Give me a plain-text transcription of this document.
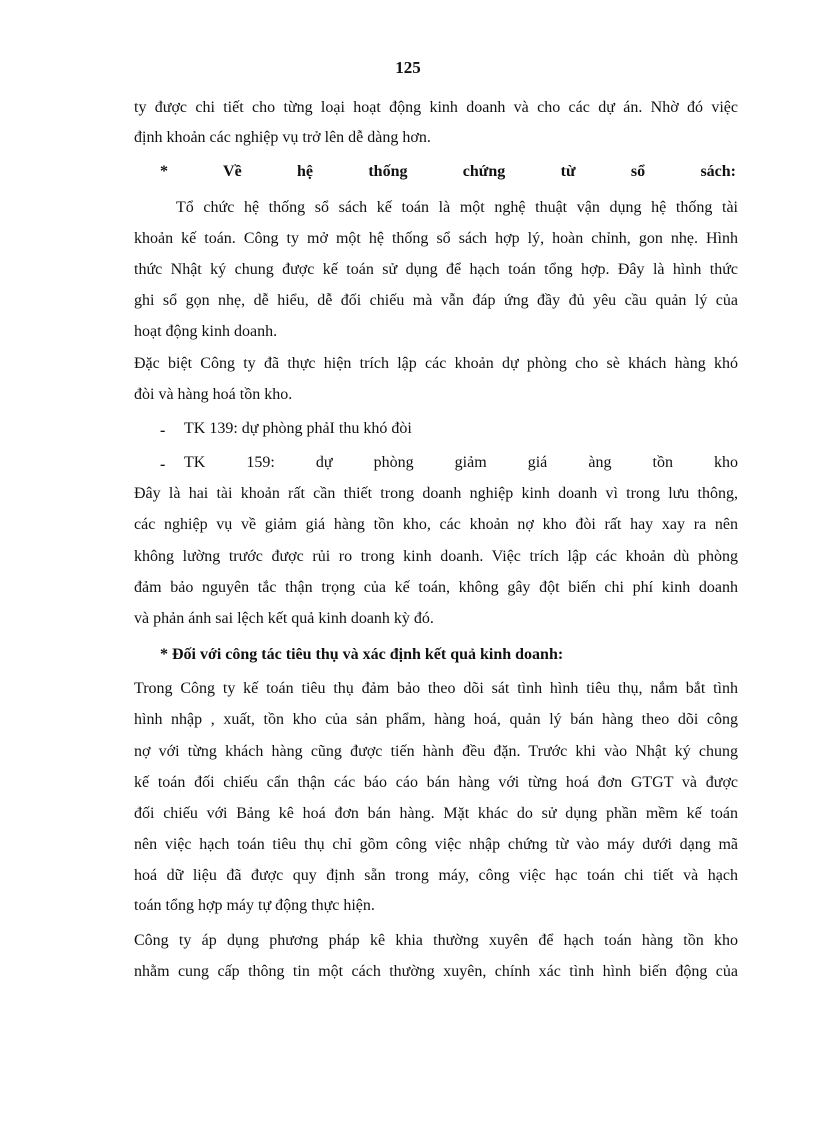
125
ty được chi tiết cho từng loại hoạt động kinh doanh và cho các dự án. Nhờ đó việc
định khoản các nghiệp vụ trở lên dễ dàng hơn.
* Về hệ thống chứng từ sổ sách:
Tổ chức hệ thống sổ sách kế toán là một nghệ thuật vận dụng hệ thống tài
khoản kế toán. Công ty mở một hệ thống sổ sách hợp lý, hoàn chỉnh, gon nhẹ. Hình
thức Nhật ký chung được kế toán sử dụng để hạch toán tổng hợp. Đây là hình thức
ghi sổ gọn nhẹ, dễ hiểu, dễ đối chiếu mà vẫn đáp ứng đầy đủ yêu cầu quản lý của
hoạt động kinh doanh.
Đặc biệt Công ty đã thực hiện trích lập các khoản dự phòng cho sè khách hàng khó
đòi và hàng hoá tồn kho.
- TK 139: dự phòng phảI thu khó đòi
- TK 159: dự phòng giảm giá àng tồn kho
Đây là hai tài khoản rất cần thiết trong doanh nghiệp kinh doanh vì trong lưu thông,
các nghiệp vụ về giảm giá hàng tồn kho, các khoản nợ kho đòi rất hay xay ra nên
không lường trước được rủi ro trong kinh doanh. Việc trích lập các khoản dù phòng
đảm bảo nguyên tắc thận trọng của kế toán, không gây đột biến chi phí kinh doanh
và phản ánh sai lệch kết quả kinh doanh kỳ đó.
* Đối với công tác tiêu thụ và xác định kết quả kinh doanh:
Trong Công ty kế toán tiêu thụ đảm bảo theo dõi sát tình hình tiêu thụ, nắm bắt tình
hình nhập , xuất, tồn kho của sản phẩm, hàng hoá, quản lý bán hàng theo dõi công
nợ với từng khách hàng cũng được tiến hành đều đặn. Trước khi vào Nhật ký chung
kế toán đối chiếu cẩn thận các báo cáo bán hàng với từng hoá đơn GTGT và được
đối chiếu với Bảng kê hoá đơn bán hàng. Mặt khác do sử dụng phần mềm kế toán
nên việc hạch toán tiêu thụ chỉ gồm công việc nhập chứng từ vào máy dưới dạng mã
hoá dữ liệu đã được quy định sẵn trong máy, công việc hạc toán chi tiết và hạch
toán tổng hợp máy tự động thực hiện.
Công ty áp dụng phương pháp kê khia thường xuyên để hạch toán hàng tồn kho
nhằm cung cấp thông tin một cách thường xuyên, chính xác tình hình biến động của
